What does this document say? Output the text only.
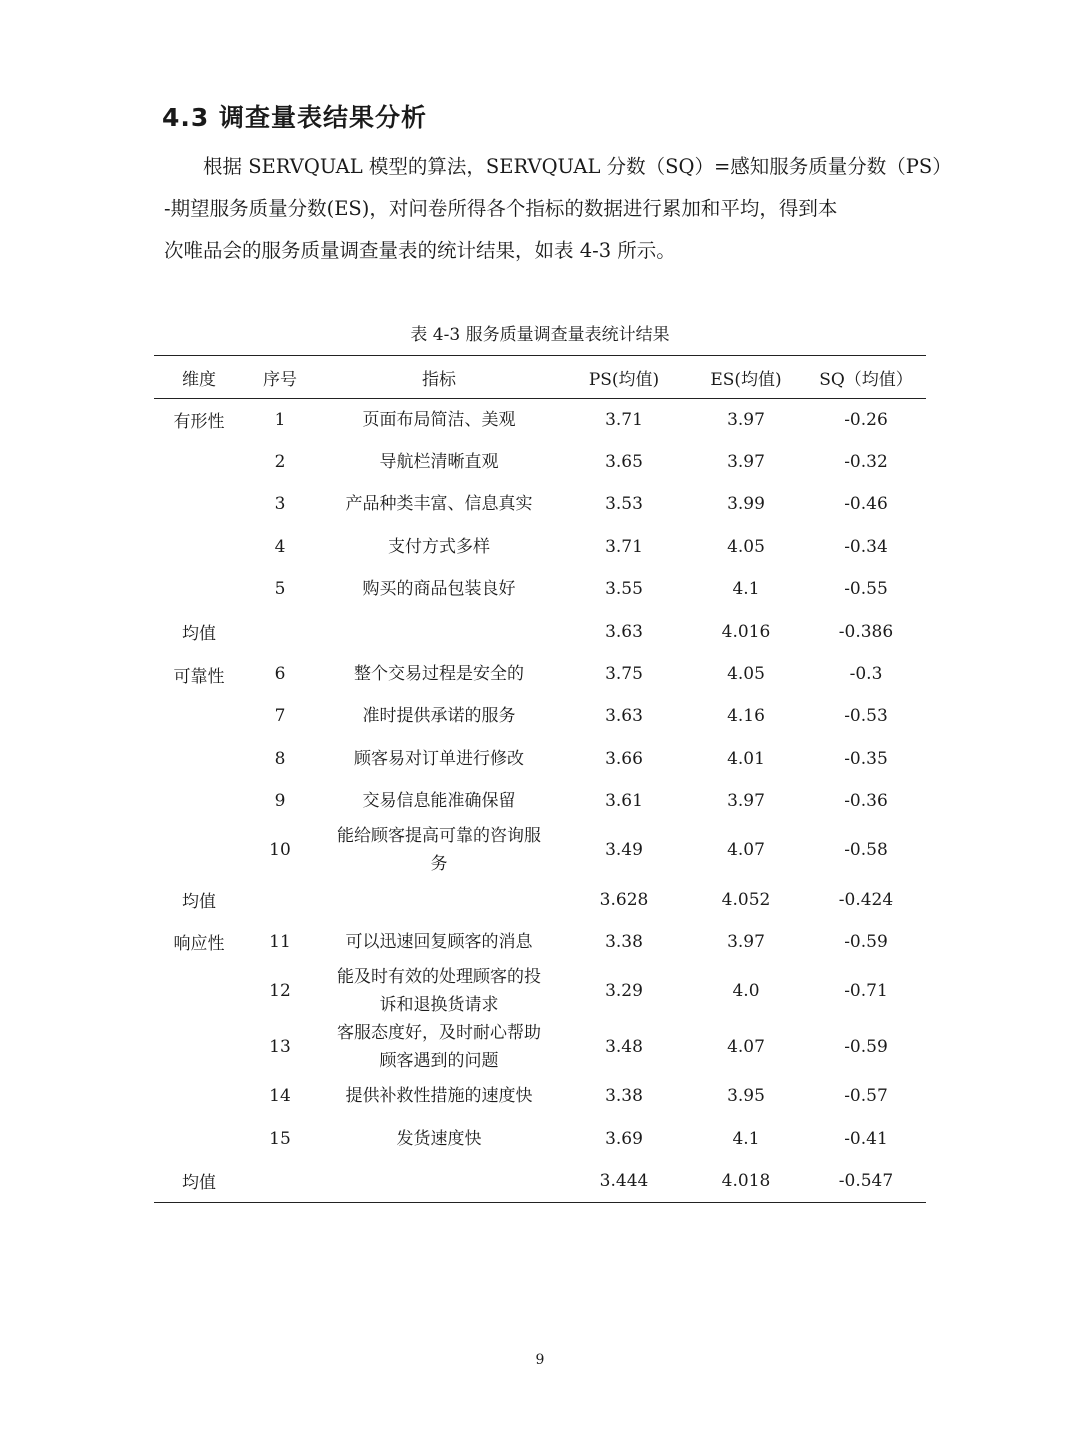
4.3 调查量表结果分析
　　根据 SERVQUAL 模型的算法，SERVQUAL 分数（SQ）=感知服务质量分数（PS）
-期望服务质量分数(ES)，对问卷所得各个指标的数据进行累加和平均，得到本
次唯品会的服务质量调查量表的统计结果，如表 4-3 所示。
表 4-3 服务质量调查量表统计结果
维度	序号	指标	PS(均值)	ES(均值)	SQ（均值）
有形性	1	页面布局简洁、美观	3.71	3.97	-0.26
	2	导航栏清晰直观	3.65	3.97	-0.32
	3	产品种类丰富、信息真实	3.53	3.99	-0.46
	4	支付方式多样	3.71	4.05	-0.34
	5	购买的商品包装良好	3.55	4.1	-0.55
均值			3.63	4.016	-0.386
可靠性	6	整个交易过程是安全的	3.75	4.05	-0.3
	7	准时提供承诺的服务	3.63	4.16	-0.53
	8	顾客易对订单进行修改	3.66	4.01	-0.35
	9	交易信息能准确保留	3.61	3.97	-0.36
	10	能给顾客提高可靠的咨询服务	3.49	4.07	-0.58
均值			3.628	4.052	-0.424
响应性	11	可以迅速回复顾客的消息	3.38	3.97	-0.59
	12	能及时有效的处理顾客的投诉和退换货请求	3.29	4.0	-0.71
	13	客服态度好，及时耐心帮助顾客遇到的问题	3.48	4.07	-0.59
	14	提供补救性措施的速度快	3.38	3.95	-0.57
	15	发货速度快	3.69	4.1	-0.41
均值			3.444	4.018	-0.547
9
